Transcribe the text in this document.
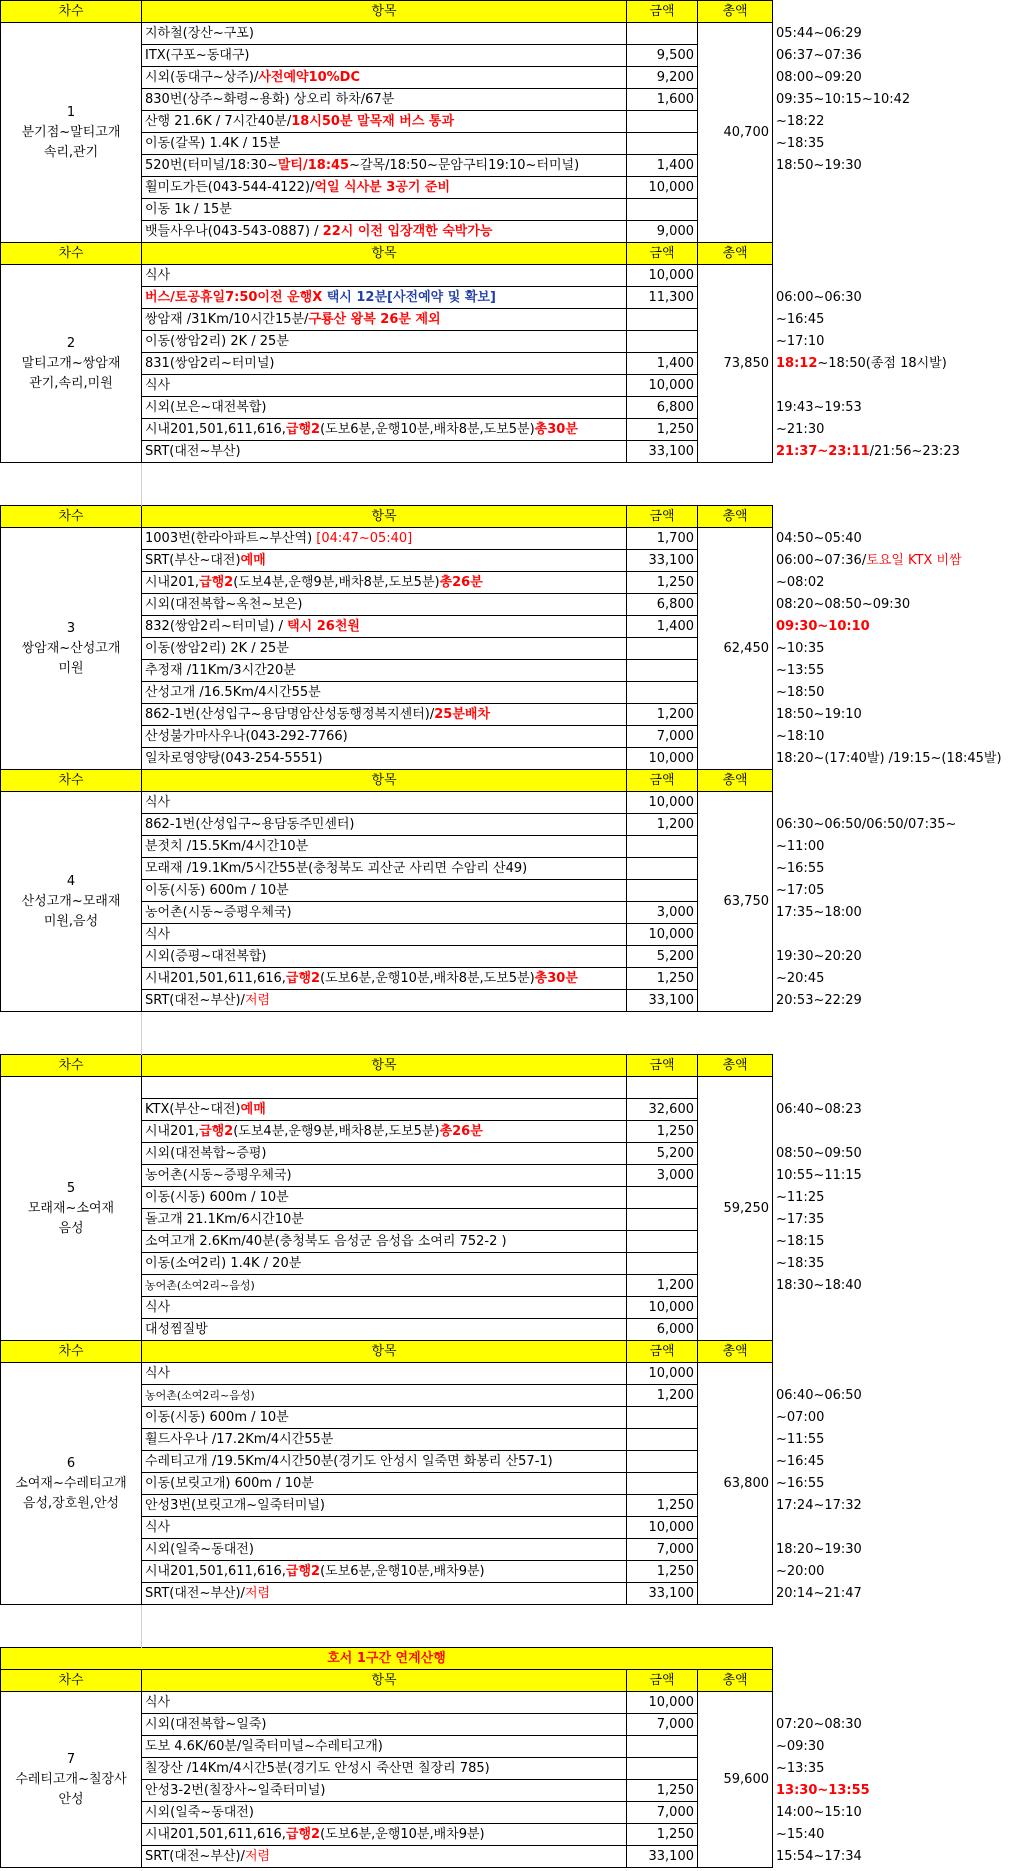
차수	항목	금액	총액	

1
분기점~말티고개
속리,관기	지하철(장산~구포)		40,700	05:44~06:29
	ITX(구포~동대구)	9,500		06:37~07:36
	시외(동대구~상주)/사전예약10%DC	9,200		08:00~09:20
	830번(상주~화령~용화) 상오리 하차/67분	1,600		09:35~10:15~10:42
	산행 21.6K / 7시간40분/18시50분 말목재 버스 통과			~18:22
	이동(갈목) 1.4K / 15분			~18:35
	520번(터미널/18:30~말티/18:45~갈목/18:50~문암구티19:10~터미널)	1,400		18:50~19:30
	휠미도가든(043-544-4122)/억일 식사분 3공기 준비	10,000		
	이동 1k / 15분			
	뱃들사우나(043-543-0887) / 22시 이전 입장객한 숙박가능	9,000		
차수	항목	금액	총액	

2
말티고개~쌍암재
관기,속리,미원	식사	10,000	73,850	
	버스/토공휴일7:50이전 운행X 택시 12분[사전예약 및 확보]	11,300		06:00~06:30
	쌍암재 /31Km/10시간15분/구룡산 왕복 26분 제외			~16:45
	이동(쌍암2리) 2K / 25분			~17:10
	831(쌍암2리~터미널)	1,400		18:12~18:50(종점 18시발)
	식사	10,000		
	시외(보은~대전복합)	6,800		19:43~19:53
	시내201,501,611,616,급행2(도보6분,운행10분,배차8분,도보5분)총30분	1,250		~21:30
	SRT(대전~부산)	33,100		21:37~23:11/21:56~23:23

차수	항목	금액	총액	

3
쌍암재~산성고개
미원	1003번(한라아파트~부산역) [04:47~05:40]	1,700	62,450	04:50~05:40
	SRT(부산~대전)예매	33,100		06:00~07:36/토요일 KTX 비쌈
	시내201,급행2(도보4분,운행9분,배차8분,도보5분)총26분	1,250		~08:02
	시외(대전복합~옥천~보은)	6,800		08:20~08:50~09:30
	832(쌍암2리~터미널) / 택시 26천원	1,400		09:30~10:10
	이동(쌍암2리) 2K / 25분			~10:35
	추정재 /11Km/3시간20분			~13:55
	산성고개 /16.5Km/4시간55분			~18:50
	862-1번(산성입구~용담명암산성동행정복지센터)/25분배차	1,200		18:50~19:10
	산성불가마사우나(043-292-7766)	7,000		~18:10
	일차로영양탕(043-254-5551)	10,000		18:20~(17:40발) /19:15~(18:45발)
차수	항목	금액	총액	

4
산성고개~모래재
미원,음성	식사	10,000	63,750	
	862-1번(산성입구~용담동주민센터)	1,200		06:30~06:50/06:50/07:35~
	분젓치 /15.5Km/4시간10분			~11:00
	모래재 /19.1Km/5시간55분(충청북도 괴산군 사리면 수암리 산49)			~16:55
	이동(시동) 600m / 10분			~17:05
	농어촌(시동~증평우체국)	3,000		17:35~18:00
	식사	10,000		
	시외(증평~대전복합)	5,200		19:30~20:20
	시내201,501,611,616,급행2(도보6분,운행10분,배차8분,도보5분)총30분	1,250		~20:45
	SRT(대전~부산)/저렴	33,100		20:53~22:29

차수	항목	금액	총액	

5
모래재~소여재
음성			59,250	
	KTX(부산~대전)예매	32,600		06:40~08:23
	시내201,급행2(도보4분,운행9분,배차8분,도보5분)총26분	1,250		
	시외(대전복합~증평)	5,200		08:50~09:50
	농어촌(시동~증평우체국)	3,000		10:55~11:15
	이동(시동) 600m / 10분			~11:25
	돌고개 21.1Km/6시간10분			~17:35
	소여고개 2.6Km/40분(충청북도 음성군 음성읍 소여리 752-2 )			~18:15
	이동(소여2리) 1.4K / 20분			~18:35
	농어촌(소여2리~음성)	1,200		18:30~18:40
	식사	10,000		
	대성찜질방	6,000		
차수	항목	금액	총액	

6
소여재~수레티고개
음성,장호원,안성	식사	10,000	63,800	
	농어촌(소여2리~음성)	1,200		06:40~06:50
	이동(시동) 600m / 10분			~07:00
	휠드사우나 /17.2Km/4시간55분			~11:55
	수레티고개 /19.5Km/4시간50분(경기도 안성시 일죽면 화봉리 산57-1)			~16:45
	이동(보릿고개) 600m / 10분			~16:55
	안성3번(보릿고개~일죽터미널)	1,250		17:24~17:32
	식사	10,000		
	시외(일죽~동대전)	7,000		18:20~19:30
	시내201,501,611,616,급행2(도보6분,운행10분,배차9분)	1,250		~20:00
	SRT(대전~부산)/저렴	33,100		20:14~21:47

호서 1구간 연계산행				
차수	항목	금액	총액	

7
수레티고개~칠장사
안성	식사	10,000	59,600	
	시외(대전복합~일죽)	7,000		07:20~08:30
	도보 4.6K/60분/일죽터미널~수레티고개)			~09:30
	칠장산 /14Km/4시간5분(경기도 안성시 죽산면 칠장리 785)			~13:35
	안성3-2번(칠장사~일죽터미널)	1,250		13:30~13:55
	시외(일죽~동대전)	7,000		14:00~15:10
	시내201,501,611,616,급행2(도보6분,운행10분,배차9분)	1,250		~15:40
	SRT(대전~부산)/저렴	33,100		15:54~17:34
